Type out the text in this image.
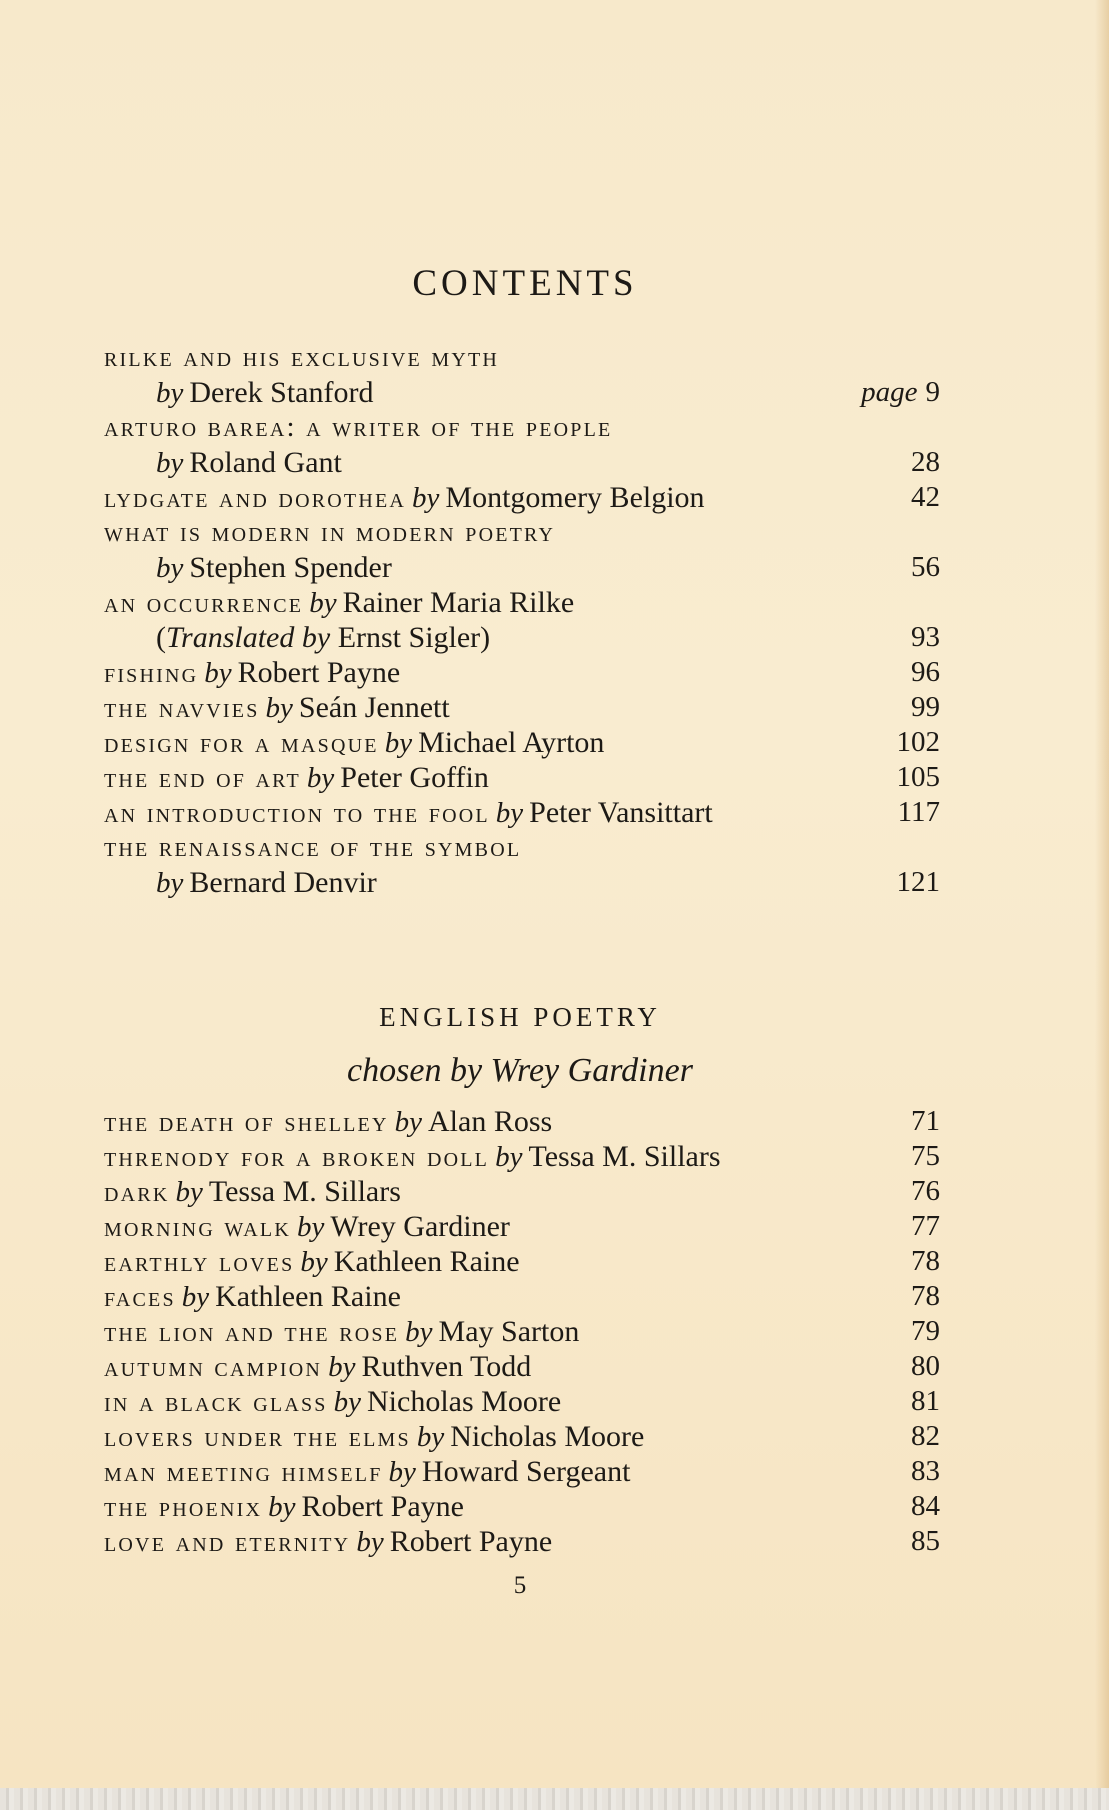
CONTENTS
rilke and his exclusive myth
by Derek Stanford	page 9
arturo barea: a writer of the people
by Roland Gant	28
lydgate and dorothea by Montgomery Belgion	42
what is modern in modern poetry
by Stephen Spender	56
an occurrence by Rainer Maria Rilke
(Translated by Ernst Sigler)	93
fishing by Robert Payne	96
the navvies by Seán Jennett	99
design for a masque by Michael Ayrton	102
the end of art by Peter Goffin	105
an introduction to the fool by Peter Vansittart	117
the renaissance of the symbol
by Bernard Denvir	121
ENGLISH POETRY
chosen by Wrey Gardiner
the death of shelley by Alan Ross	71
threnody for a broken doll by Tessa M. Sillars	75
dark by Tessa M. Sillars	76
morning walk by Wrey Gardiner	77
earthly loves by Kathleen Raine	78
faces by Kathleen Raine	78
the lion and the rose by May Sarton	79
autumn campion by Ruthven Todd	80
in a black glass by Nicholas Moore	81
lovers under the elms by Nicholas Moore	82
man meeting himself by Howard Sergeant	83
the phoenix by Robert Payne	84
love and eternity by Robert Payne	85
5
